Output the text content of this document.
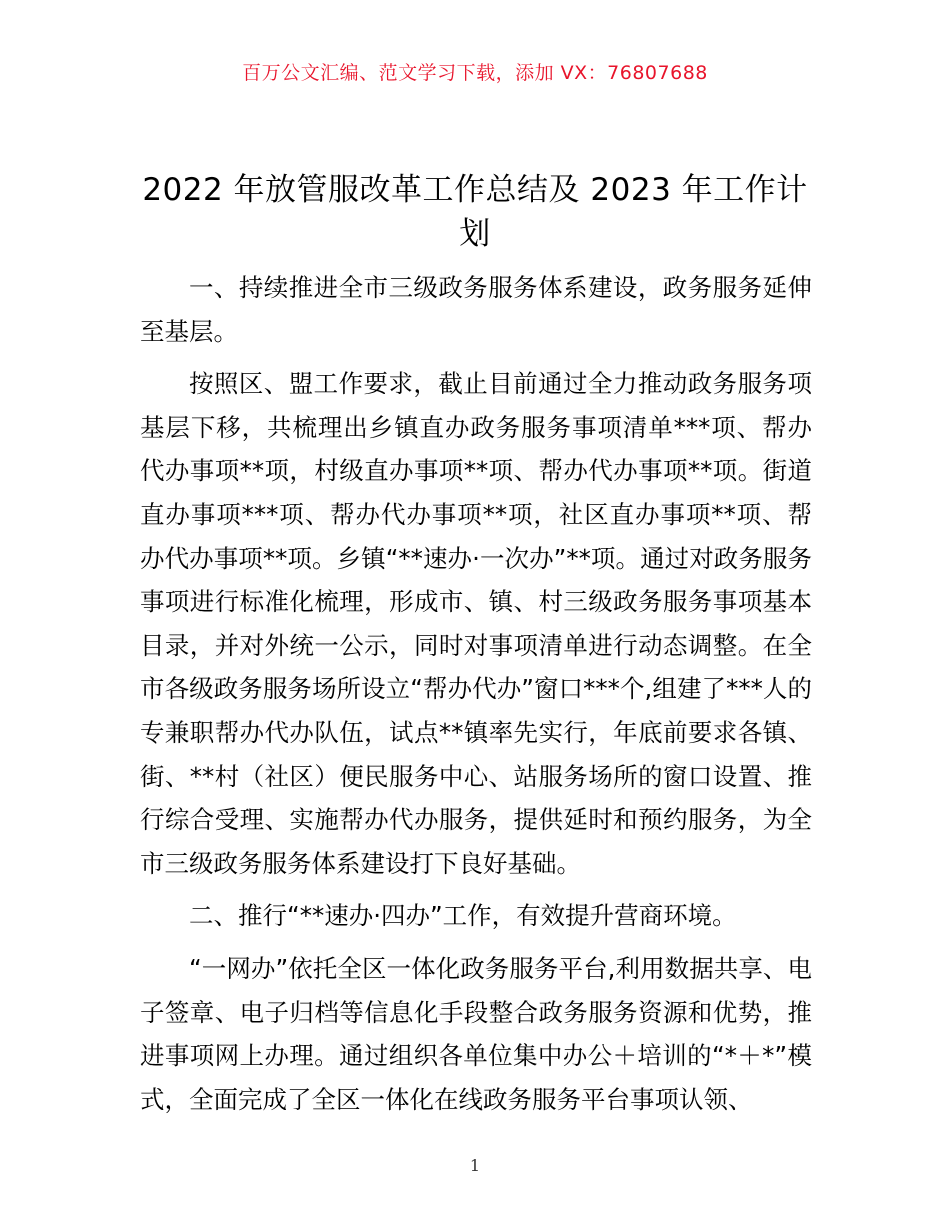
百万公文汇编、范文学习下载，添加 VX：76807688
2022 年放管服改革工作总结及 2023 年工作计划

一、持续推进全市三级政务服务体系建设，政务服务延伸至基层。

按照区、盟工作要求，截止目前通过全力推动政务服务项基层下移，共梳理出乡镇直办政务服务事项清单***项、帮办代办事项**项，村级直办事项**项、帮办代办事项**项。街道直办事项***项、帮办代办事项**项，社区直办事项**项、帮办代办事项**项。乡镇“**速办·一次办”**项。通过对政务服务事项进行标准化梳理，形成市、镇、村三级政务服务事项基本目录，并对外统一公示，同时对事项清单进行动态调整。在全市各级政务服务场所设立“帮办代办”窗口***个,组建了***人的专兼职帮办代办队伍，试点**镇率先实行，年底前要求各镇、街、**村（社区）便民服务中心、站服务场所的窗口设置、推行综合受理、实施帮办代办服务，提供延时和预约服务，为全市三级政务服务体系建设打下良好基础。

二、推行“**速办·四办”工作，有效提升营商环境。

“一网办”依托全区一体化政务服务平台,利用数据共享、电子签章、电子归档等信息化手段整合政务服务资源和优势，推进事项网上办理。通过组织各单位集中办公＋培训的“*＋*”模式，全面完成了全区一体化在线政务服务平台事项认领、

1
